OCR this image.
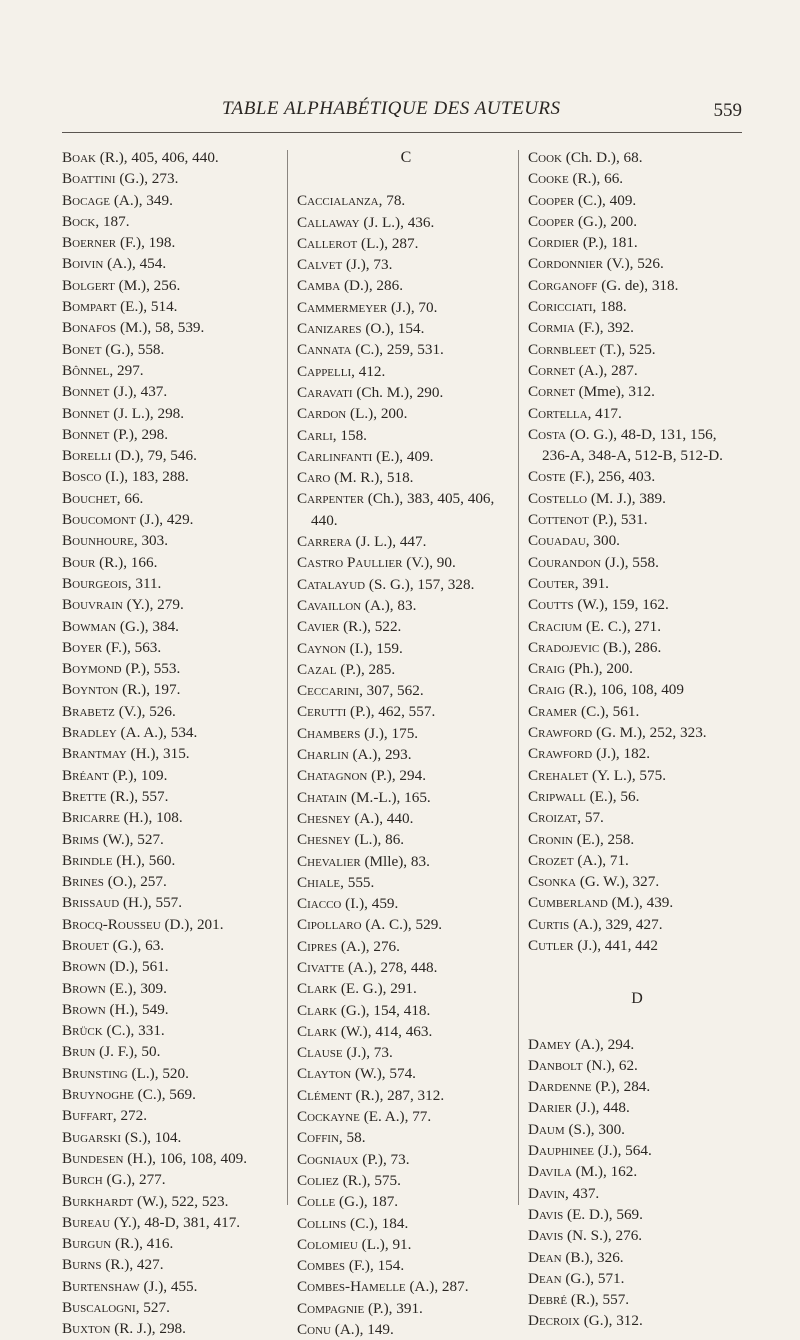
TABLE ALPHABÉTIQUE DES AUTEURS	559
Boak (R.), 405, 406, 440.
Boattini (G.), 273.
Bocage (A.), 349.
Bock, 187.
Boerner (F.), 198.
Boivin (A.), 454.
Bolgert (M.), 256.
Bompart (E.), 514.
Bonafos (M.), 58, 539.
Bonet (G.), 558.
Bônnel, 297.
Bonnet (J.), 437.
Bonnet (J. L.), 298.
Bonnet (P.), 298.
Borelli (D.), 79, 546.
Bosco (I.), 183, 288.
Bouchet, 66.
Boucomont (J.), 429.
Bounhoure, 303.
Bour (R.), 166.
Bourgeois, 311.
Bouvrain (Y.), 279.
Bowman (G.), 384.
Boyer (F.), 563.
Boymond (P.), 553.
Boynton (R.), 197.
Brabetz (V.), 526.
Bradley (A. A.), 534.
Brantmay (H.), 315.
Bréant (P.), 109.
Brette (R.), 557.
Bricarre (H.), 108.
Brims (W.), 527.
Brindle (H.), 560.
Brines (O.), 257.
Brissaud (H.), 557.
Brocq-Rousseu (D.), 201.
Brouet (G.), 63.
Brown (D.), 561.
Brown (E.), 309.
Brown (H.), 549.
Brück (C.), 331.
Brun (J. F.), 50.
Brunsting (L.), 520.
Bruynoghe (C.), 569.
Buffart, 272.
Bugarski (S.), 104.
Bundesen (H.), 106, 108, 409.
Burch (G.), 277.
Burkhardt (W.), 522, 523.
Bureau (Y.), 48-D, 381, 417.
Burgun (R.), 416.
Burns (R.), 427.
Burtenshaw (J.), 455.
Buscalogni, 527.
Buxton (R. J.), 298.
C
Caccialanza, 78.
Callaway (J. L.), 436.
Callerot (L.), 287.
Calvet (J.), 73.
Camba (D.), 286.
Cammermeyer (J.), 70.
Canizares (O.), 154.
Cannata (C.), 259, 531.
Cappelli, 412.
Caravati (Ch. M.), 290.
Cardon (L.), 200.
Carli, 158.
Carlinfanti (E.), 409.
Caro (M. R.), 518.
Carpenter (Ch.), 383, 405, 406, 440.
Carrera (J. L.), 447.
Castro Paullier (V.), 90.
Catalayud (S. G.), 157, 328.
Cavaillon (A.), 83.
Cavier (R.), 522.
Caynon (I.), 159.
Cazal (P.), 285.
Ceccarini, 307, 562.
Cerutti (P.), 462, 557.
Chambers (J.), 175.
Charlin (A.), 293.
Chatagnon (P.), 294.
Chatain (M.-L.), 165.
Chesney (A.), 440.
Chesney (L.), 86.
Chevalier (Mlle), 83.
Chiale, 555.
Ciacco (I.), 459.
Cipollaro (A. C.), 529.
Cipres (A.), 276.
Civatte (A.), 278, 448.
Clark (E. G.), 291.
Clark (G.), 154, 418.
Clark (W.), 414, 463.
Clause (J.), 73.
Clayton (W.), 574.
Clément (R.), 287, 312.
Cockayne (E. A.), 77.
Coffin, 58.
Cogniaux (P.), 73.
Coliez (R.), 575.
Colle (G.), 187.
Collins (C.), 184.
Colomieu (L.), 91.
Combes (F.), 154.
Combes-Hamelle (A.), 287.
Compagnie (P.), 391.
Conu (A.), 149.
Cook (Ch. D.), 68.
Cooke (R.), 66.
Cooper (C.), 409.
Cooper (G.), 200.
Cordier (P.), 181.
Cordonnier (V.), 526.
Corganoff (G. de), 318.
Coricciati, 188.
Cormia (F.), 392.
Cornbleet (T.), 525.
Cornet (A.), 287.
Cornet (Mme), 312.
Cortella, 417.
Costa (O. G.), 48-D, 131, 156, 236-A, 348-A, 512-B, 512-D.
Coste (F.), 256, 403.
Costello (M. J.), 389.
Cottenot (P.), 531.
Couadau, 300.
Courandon (J.), 558.
Couter, 391.
Coutts (W.), 159, 162.
Cracium (E. C.), 271.
Cradojevic (B.), 286.
Craig (Ph.), 200.
Craig (R.), 106, 108, 409
Cramer (C.), 561.
Crawford (G. M.), 252, 323.
Crawford (J.), 182.
Crehalet (Y. L.), 575.
Cripwall (E.), 56.
Croizat, 57.
Cronin (E.), 258.
Crozet (A.), 71.
Csonka (G. W.), 327.
Cumberland (M.), 439.
Curtis (A.), 329, 427.
Cutler (J.), 441, 442
D
Damey (A.), 294.
Danbolt (N.), 62.
Dardenne (P.), 284.
Darier (J.), 448.
Daum (S.), 300.
Dauphinee (J.), 564.
Davila (M.), 162.
Davin, 437.
Davis (E. D.), 569.
Davis (N. S.), 276.
Dean (B.), 326.
Dean (G.), 571.
Debré (R.), 557.
Decroix (G.), 312.
